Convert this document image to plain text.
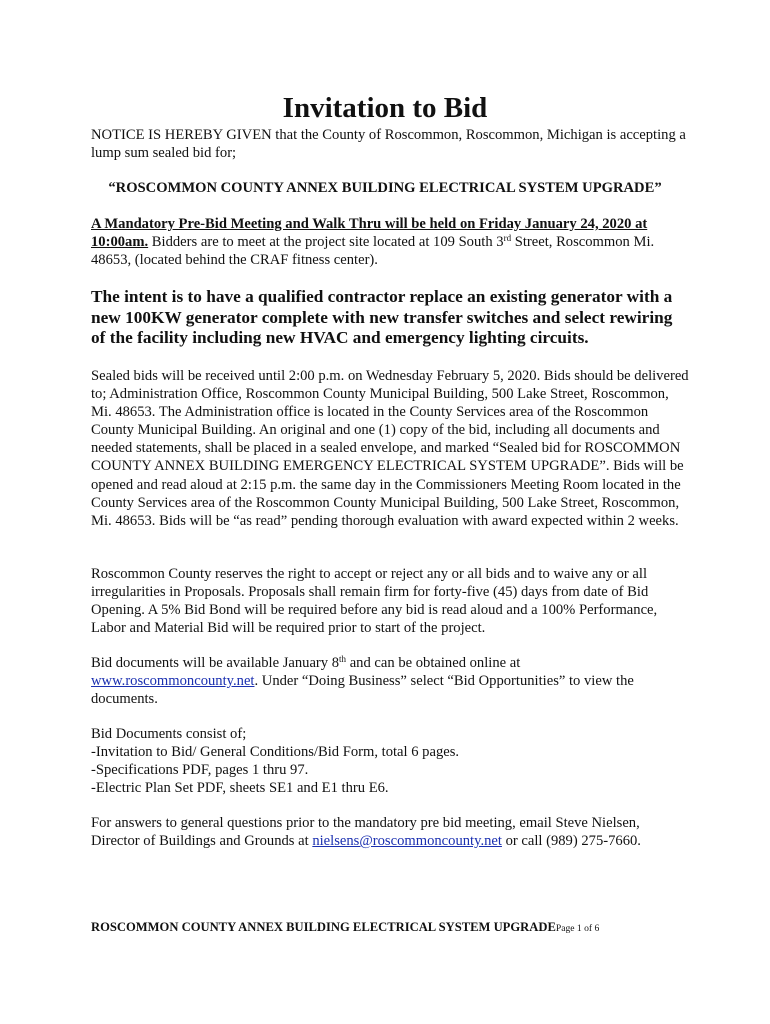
Invitation to Bid

NOTICE IS HEREBY GIVEN that the County of Roscommon, Roscommon, Michigan is accepting a lump sum sealed bid for;

“ROSCOMMON COUNTY ANNEX BUILDING ELECTRICAL SYSTEM UPGRADE”

A Mandatory Pre-Bid Meeting and Walk Thru will be held on Friday January 24, 2020 at 10:00am. Bidders are to meet at the project site located at 109 South 3rd Street, Roscommon Mi. 48653, (located behind the CRAF fitness center).

The intent is to have a qualified contractor replace an existing generator with a new 100KW generator complete with new transfer switches and select rewiring of the facility including new HVAC and emergency lighting circuits.

Sealed bids will be received until 2:00 p.m. on Wednesday February 5, 2020. Bids should be delivered to; Administration Office, Roscommon County Municipal Building, 500 Lake Street, Roscommon, Mi. 48653. The Administration office is located in the County Services area of the Roscommon County Municipal Building. An original and one (1) copy of the bid, including all documents and needed statements, shall be placed in a sealed envelope, and marked “Sealed bid for ROSCOMMON COUNTY ANNEX BUILDING EMERGENCY ELECTRICAL SYSTEM UPGRADE”. Bids will be opened and read aloud at 2:15 p.m. the same day in the Commissioners Meeting Room located in the County Services area of the Roscommon County Municipal Building, 500 Lake Street, Roscommon, Mi. 48653. Bids will be “as read” pending thorough evaluation with award expected within 2 weeks.

Roscommon County reserves the right to accept or reject any or all bids and to waive any or all irregularities in Proposals. Proposals shall remain firm for forty-five (45) days from date of Bid Opening. A 5% Bid Bond will be required before any bid is read aloud and a 100% Performance, Labor and Material Bid will be required prior to start of the project.

Bid documents will be available January 8th and can be obtained online at www.roscommoncounty.net. Under “Doing Business” select “Bid Opportunities” to view the documents.

Bid Documents consist of;
-Invitation to Bid/ General Conditions/Bid Form, total 6 pages.
-Specifications PDF, pages 1 thru 97.
-Electric Plan Set PDF, sheets SE1 and E1 thru E6.

For answers to general questions prior to the mandatory pre bid meeting, email Steve Nielsen, Director of Buildings and Grounds at nielsens@roscommoncounty.net or call (989) 275-7660.

ROSCOMMON COUNTY ANNEX BUILDING ELECTRICAL SYSTEM UPGRADEPage 1 of 6
